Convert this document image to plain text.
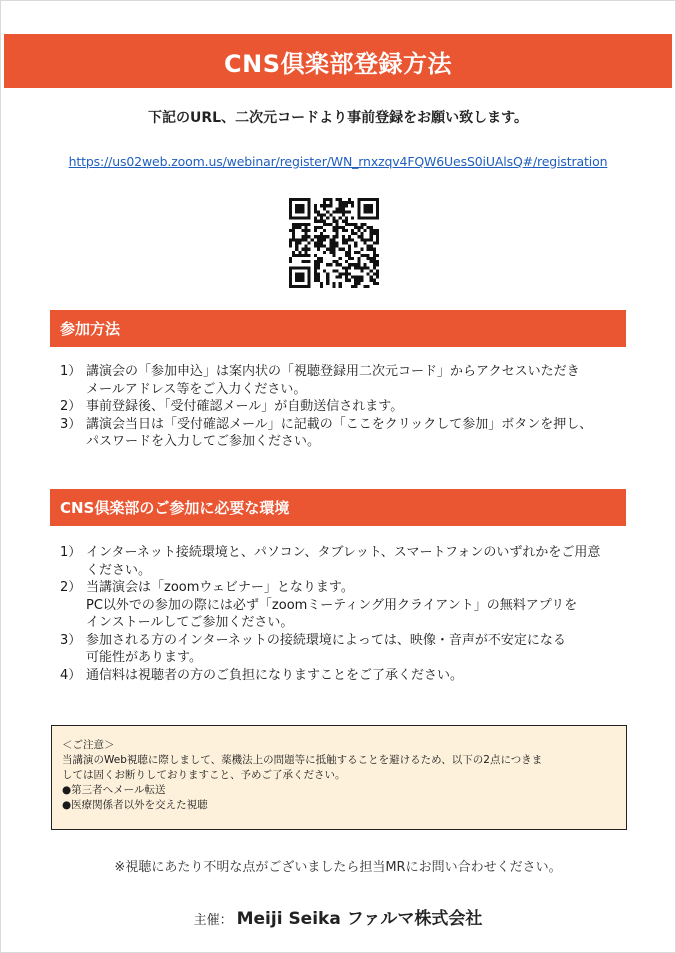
CNS倶楽部登録方法
下記のURL、二次元コードより事前登録をお願い致します。
https://us02web.zoom.us/webinar/register/WN_rnxzqv4FQW6UesS0iUAlsQ#/registration
参加方法
1） 講演会の「参加申込」は案内状の「視聴登録用二次元コード」からアクセスいただき
メールアドレス等をご入力ください。
2） 事前登録後、「受付確認メール」が自動送信されます。
3） 講演会当日は「受付確認メール」に記載の「ここをクリックして参加」ボタンを押し、
パスワードを入力してご参加ください。
CNS倶楽部のご参加に必要な環境
1） インターネット接続環境と、パソコン、タブレット、スマートフォンのいずれかをご用意
ください。
2） 当講演会は「zoomウェビナー」となります。
PC以外での参加の際には必ず「zoomミーティング用クライアント」の無料アプリを
インストールしてご参加ください。
3） 参加される方のインターネットの接続環境によっては、映像・音声が不安定になる
可能性があります。
4） 通信料は視聴者の方のご負担になりますことをご了承ください。
＜ご注意＞
当講演のWeb視聴に際しまして、薬機法上の問題等に抵触することを避けるため、以下の2点につきま
しては固くお断りしておりますこと、予めご了承ください。
●第三者へメール転送
●医療関係者以外を交えた視聴
※視聴にあたり不明な点がございましたら担当MRにお問い合わせください。
主催： Meiji Seika ファルマ株式会社
